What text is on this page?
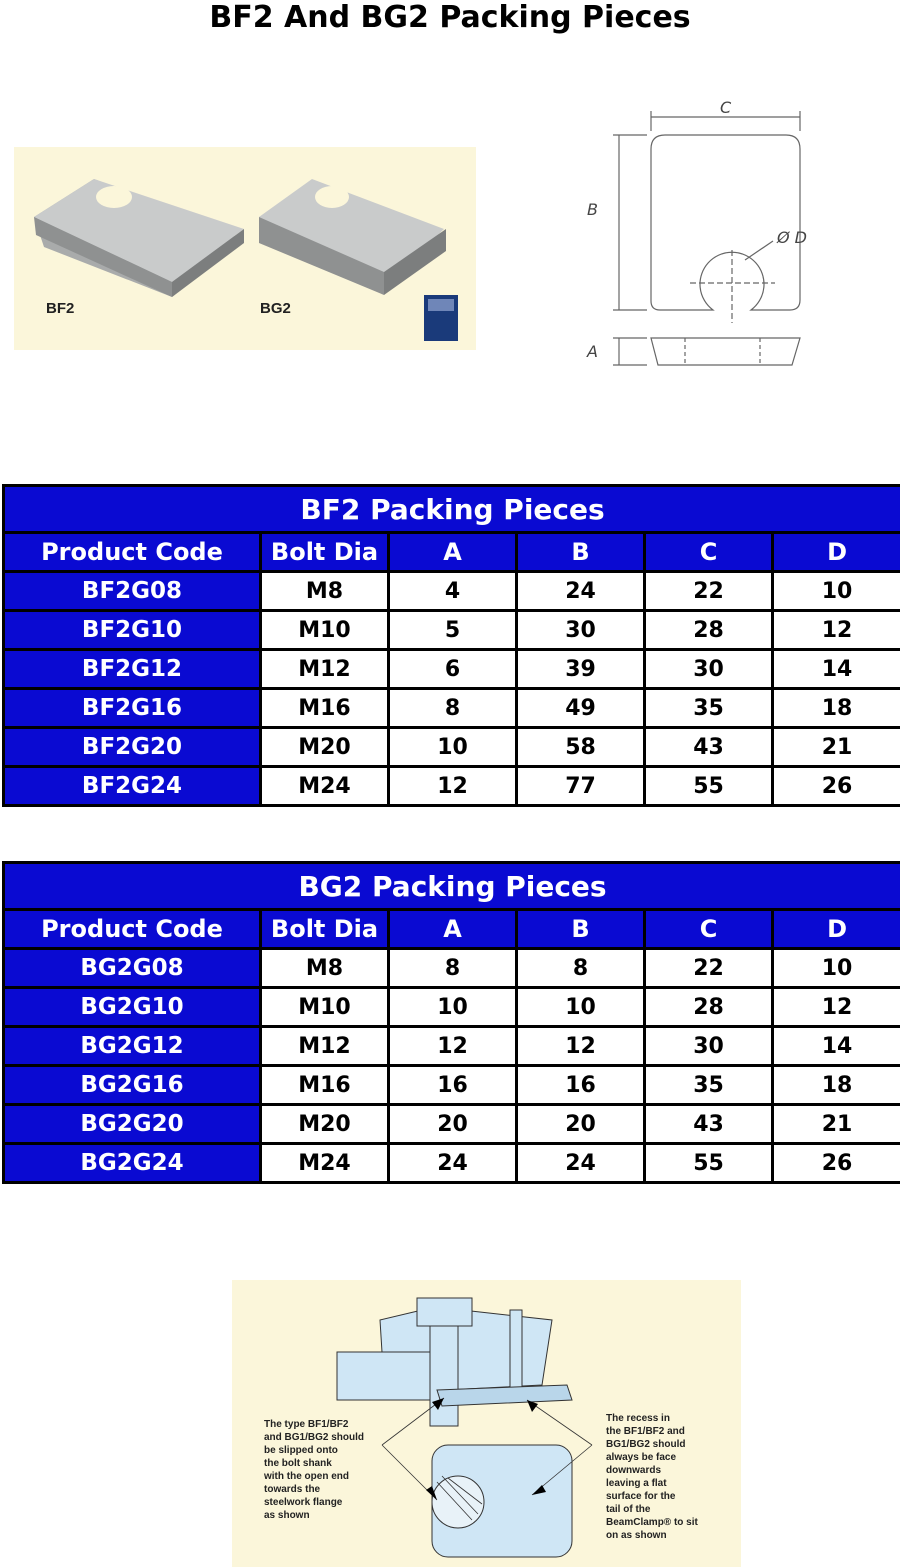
BF2 And BG2 Packing Pieces
BF2	BG2
C
B
Ø D
A
BF2 Packing Pieces					
Product Code	Bolt Dia	A	B	C	D
BF2G08	M8	4	24	22	10
BF2G10	M10	5	30	28	12
BF2G12	M12	6	39	30	14
BF2G16	M16	8	49	35	18
BF2G20	M20	10	58	43	21
BF2G24	M24	12	77	55	26
BG2 Packing Pieces					
Product Code	Bolt Dia	A	B	C	D
BG2G08	M8	8	8	22	10
BG2G10	M10	10	10	28	12
BG2G12	M12	12	12	30	14
BG2G16	M16	16	16	35	18
BG2G20	M20	20	20	43	21
BG2G24	M24	24	24	55	26
The type BF1/BF2
and BG1/BG2 should
be slipped onto
the bolt shank
with the open end
towards the
steelwork flange
as shown
The recess in
the BF1/BF2 and
BG1/BG2 should
always be face
downwards
leaving a flat
surface for the
tail of the
BeamClamp® to sit
on as shown
